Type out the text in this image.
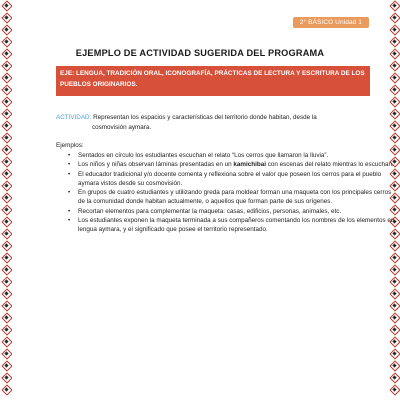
2° BÁSICO Unidad 1
EJEMPLO DE ACTIVIDAD SUGERIDA DEL PROGRAMA
EJE: LENGUA, TRADICIÓN ORAL, ICONOGRAFÍA, PRÁCTICAS DE LECTURA Y ESCRITURA DE LOS PUEBLOS ORIGINARIOS.
ACTIVIDAD: Representan los espacios y características del territorio donde habitan, desde la
cosmovisión aymara.
Ejemplos:
• Sentados en círculo los estudiantes escuchan el relato “Los cerros que llamaron la lluvia”.
• Los niños y niñas observan láminas presentadas en un kamichibai con escenas del relato mientras lo escuchan.
• El educador tradicional y/o docente comenta y reflexiona sobre el valor que poseen los cerros para el pueblo aymara vistos desde su cosmovisión.
• En grupos de cuatro estudiantes y utilizando greda para moldear forman una maqueta con los principales cerros de la comunidad donde habitan actualmente, o aquellos que forman parte de sus orígenes.
• Recortan elementos para complementar la maqueta: casas, edificios, personas, animales, etc.
• Los estudiantes exponen la maqueta terminada a sus compañeros comentando los nombres de los elementos en lengua aymara, y el significado que posee el territorio representado.
